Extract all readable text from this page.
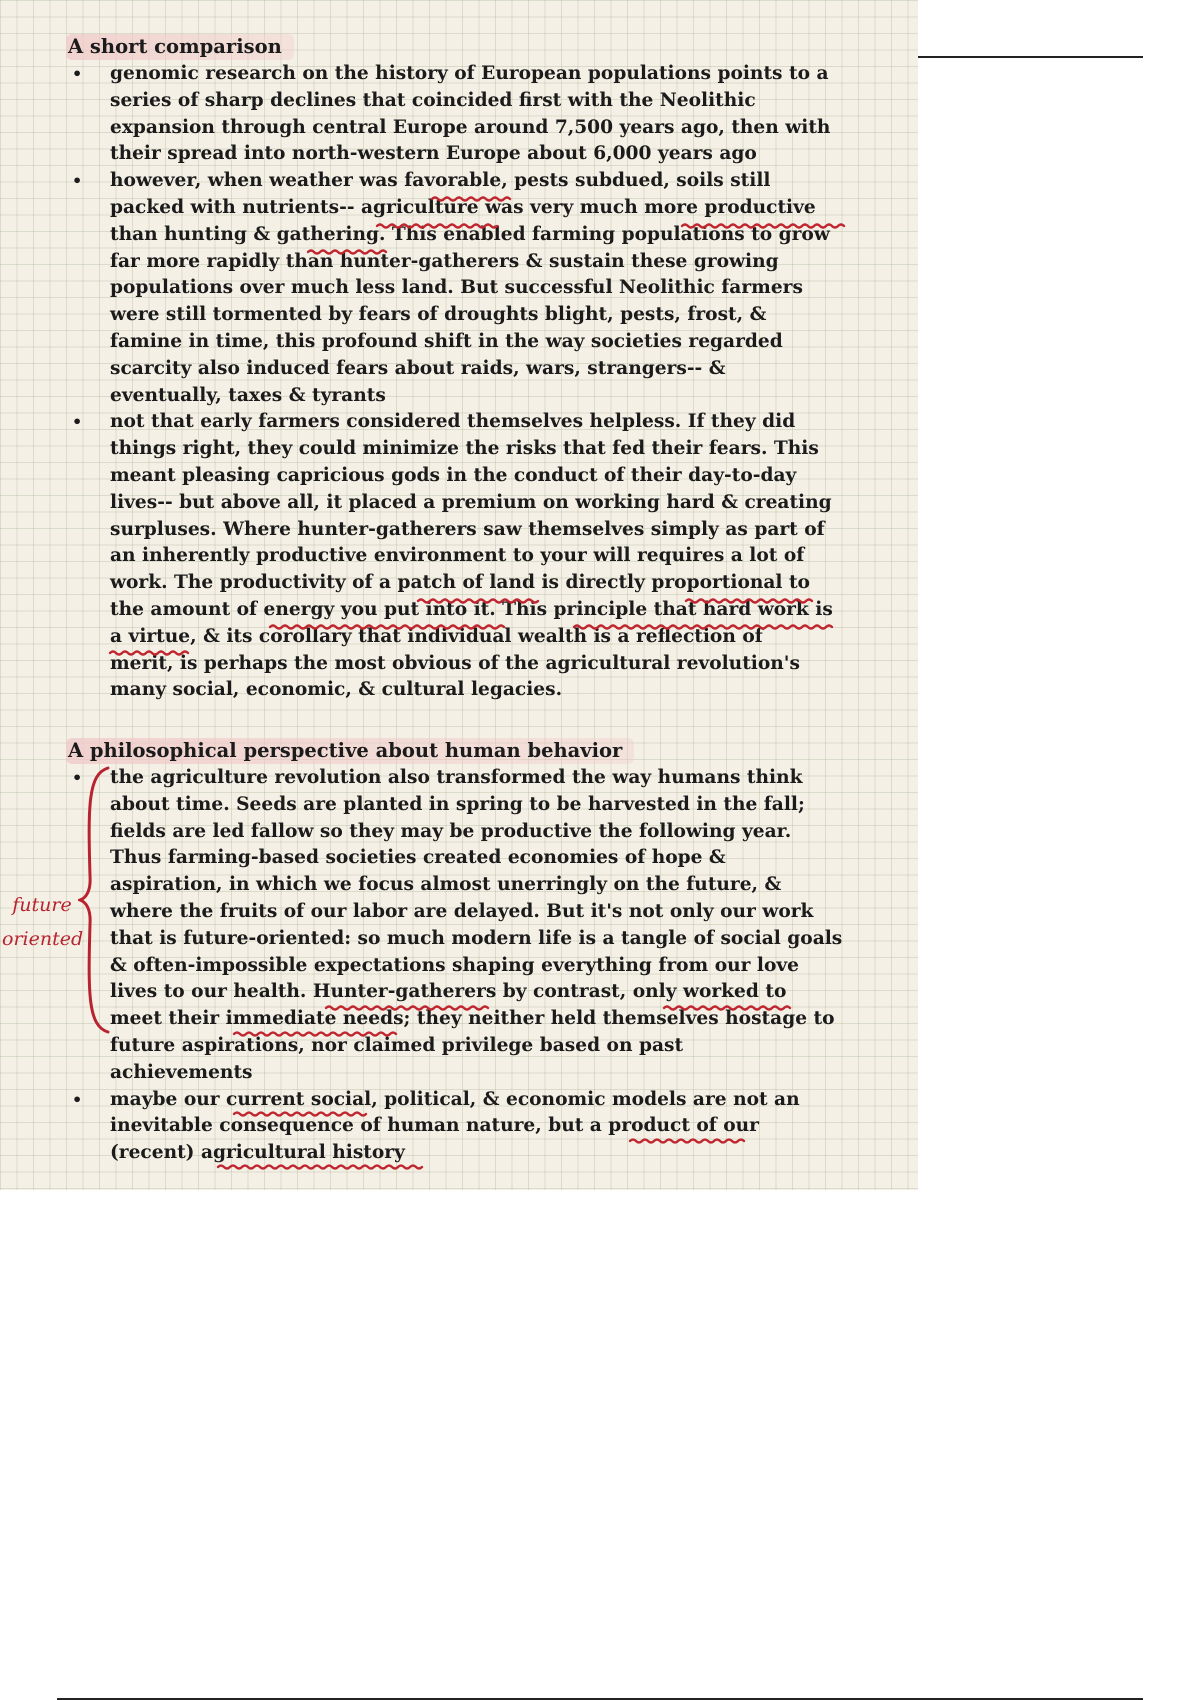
A short comparison
• genomic research on the history of European populations points to a
series of sharp declines that coincided first with the Neolithic
expansion through central Europe around 7,500 years ago, then with
their spread into north-western Europe about 6,000 years ago
• however, when weather was favorable, pests subdued, soils still
packed with nutrients-- agriculture was very much more productive
than hunting & gathering. This enabled farming populations to grow
far more rapidly than hunter-gatherers & sustain these growing
populations over much less land. But successful Neolithic farmers
were still tormented by fears of droughts blight, pests, frost, &
famine in time, this profound shift in the way societies regarded
scarcity also induced fears about raids, wars, strangers-- &
eventually, taxes & tyrants
• not that early farmers considered themselves helpless. If they did
things right, they could minimize the risks that fed their fears. This
meant pleasing capricious gods in the conduct of their day-to-day
lives-- but above all, it placed a premium on working hard & creating
surpluses. Where hunter-gatherers saw themselves simply as part of
an inherently productive environment to your will requires a lot of
work. The productivity of a patch of land is directly proportional to
the amount of energy you put into it. This principle that hard work is
a virtue, & its corollary that individual wealth is a reflection of
merit, is perhaps the most obvious of the agricultural revolution's
many social, economic, & cultural legacies.
A philosophical perspective about human behavior
• the agriculture revolution also transformed the way humans think
about time. Seeds are planted in spring to be harvested in the fall;
fields are led fallow so they may be productive the following year.
Thus farming-based societies created economies of hope &
aspiration, in which we focus almost unerringly on the future, &
where the fruits of our labor are delayed. But it's not only our work
that is future-oriented: so much modern life is a tangle of social goals
& often-impossible expectations shaping everything from our love
lives to our health. Hunter-gatherers by contrast, only worked to
meet their immediate needs; they neither held themselves hostage to
future aspirations, nor claimed privilege based on past
achievements
• maybe our current social, political, & economic models are not an
inevitable consequence of human nature, but a product of our
(recent) agricultural history
future
oriented
